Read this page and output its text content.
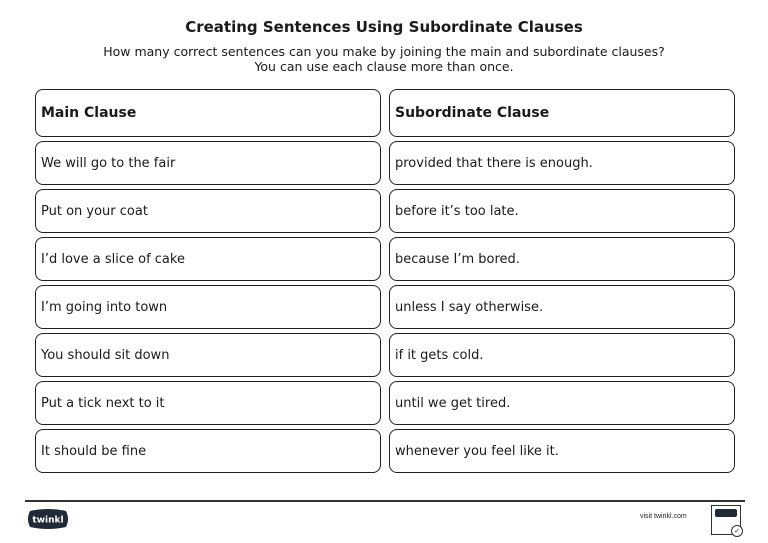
Creating Sentences Using Subordinate Clauses
How many correct sentences can you make by joining the main and subordinate clauses?
You can use each clause more than once.
Main Clause	Subordinate Clause
We will go to the fair	provided that there is enough.
Put on your coat	before it’s too late.
I’d love a slice of cake	because I’m bored.
I’m going into town	unless I say otherwise.
You should sit down	if it gets cold.
Put a tick next to it	until we get tired.
It should be fine	whenever you feel like it.
twinkl	visit twinkl.com
✓
